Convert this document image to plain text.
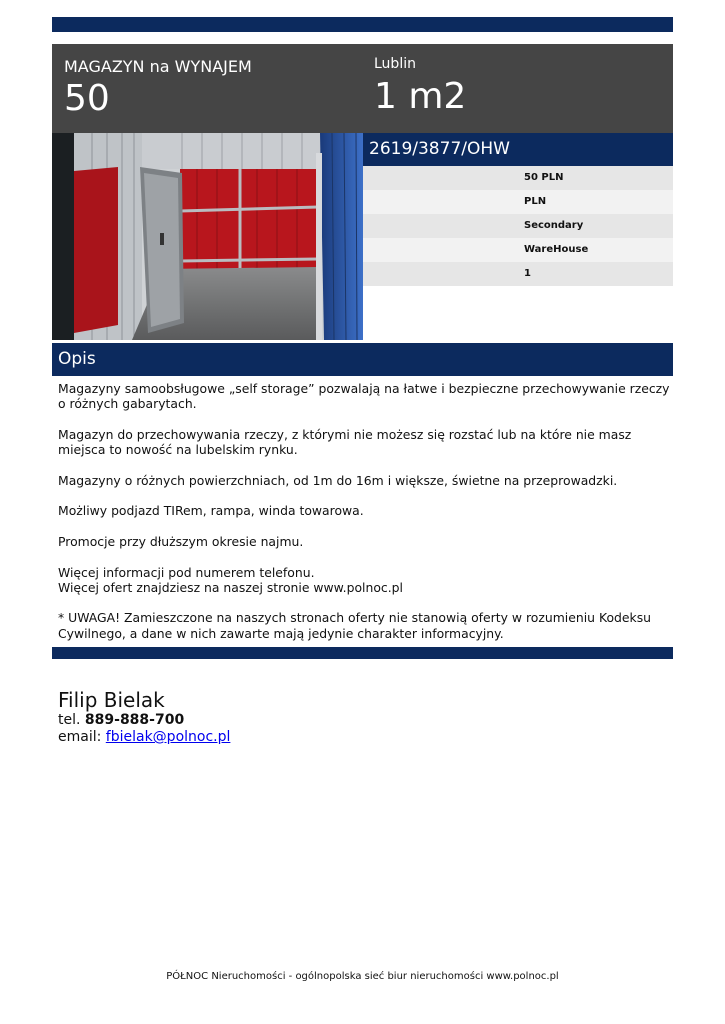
MAGAZYN na WYNAJEM
50
Lublin
1 m2
2619/3877/OHW
50 PLN
PLN
Secondary
WareHouse
1
Opis

Magazyny samoobsługowe „self storage” pozwalają na łatwe i bezpieczne przechowywanie rzeczy o różnych gabarytach.

Magazyn do przechowywania rzeczy, z którymi nie możesz się rozstać lub na które nie masz miejsca to nowość na lubelskim rynku.

Magazyny o różnych powierzchniach, od 1m do 16m i większe, świetne na przeprowadzki.

Możliwy podjazd TIRem, rampa, winda towarowa.

Promocje przy dłuższym okresie najmu.

Więcej informacji pod numerem telefonu.

Więcej ofert znajdziesz na naszej stronie www.polnoc.pl

* UWAGA! Zamieszczone na naszych stronach oferty nie stanowią oferty w rozumieniu Kodeksu Cywilnego, a dane w nich zawarte mają jedynie charakter informacyjny.

Filip Bielak
tel. 889-888-700
email: fbielak@polnoc.pl
PÓŁNOC Nieruchomości - ogólnopolska sieć biur nieruchomości www.polnoc.pl
